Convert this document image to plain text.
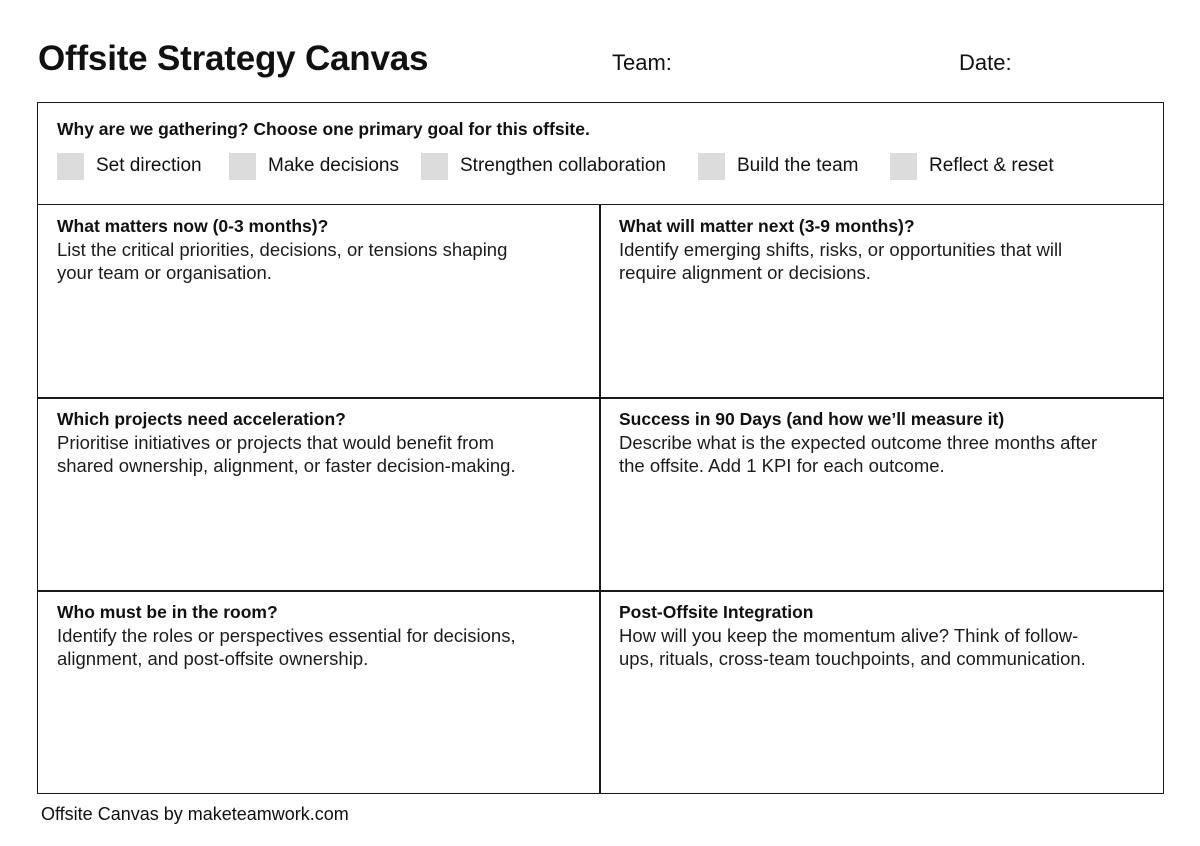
Offsite Strategy Canvas	Team:	Date:
Why are we gathering? Choose one primary goal for this offsite.
Set direction	Make decisions	Strengthen collaboration	Build the team	Reflect & reset
What matters now (0-3 months)?
List the critical priorities, decisions, or tensions shaping
your team or organisation.
What will matter next (3-9 months)?
Identify emerging shifts, risks, or opportunities that will
require alignment or decisions.
Which projects need acceleration?
Prioritise initiatives or projects that would benefit from
shared ownership, alignment, or faster decision-making.
Success in 90 Days (and how we’ll measure it)
Describe what is the expected outcome three months after
the offsite. Add 1 KPI for each outcome.
Who must be in the room?
Identify the roles or perspectives essential for decisions,
alignment, and post-offsite ownership.
Post-Offsite Integration
How will you keep the momentum alive? Think of follow-
ups, rituals, cross-team touchpoints, and communication.
Offsite Canvas by maketeamwork.com
